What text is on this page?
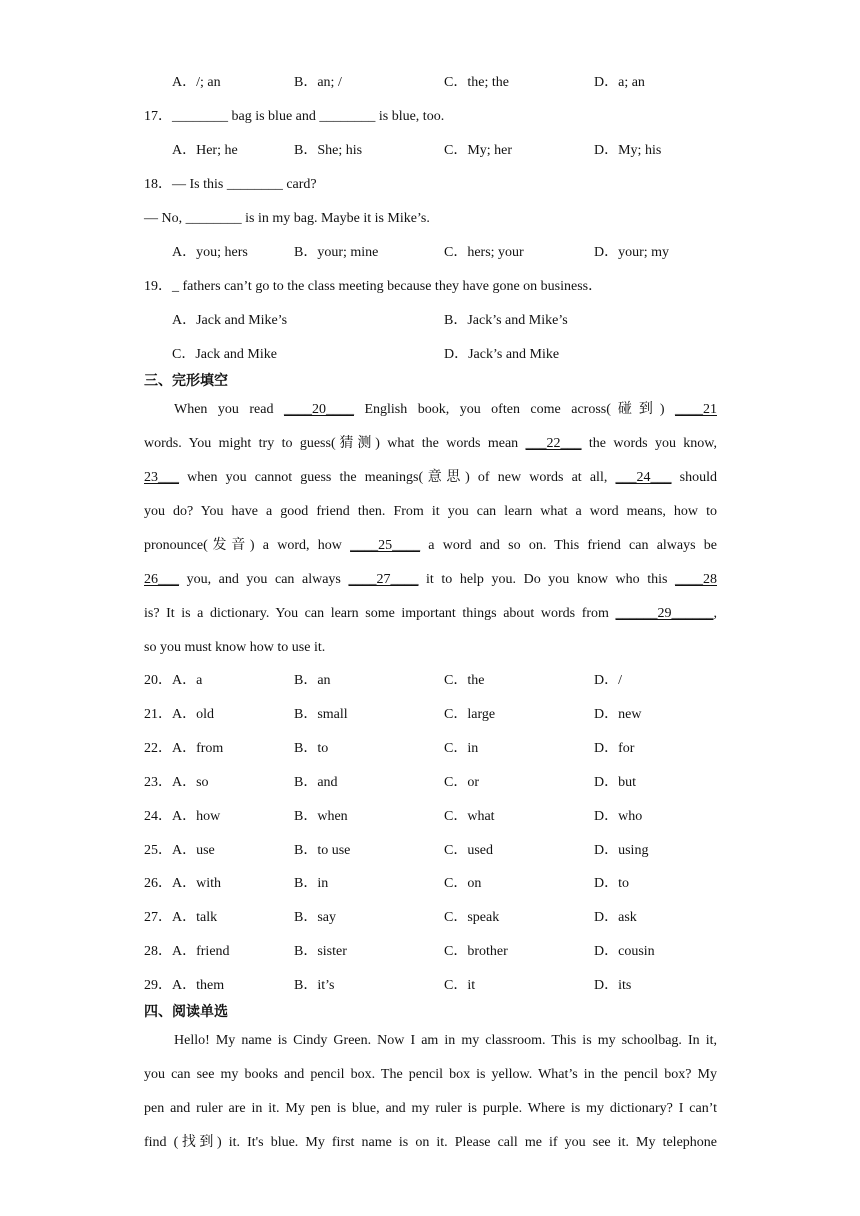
A．/; an	B．an; /	C．the; the	D．a; an
17．________ bag is blue and ________ is blue, too.
A．Her; he	B．She; his	C．My; her	D．My; his
18．— Is this ________ card?
— No, ________ is in my bag. Maybe it is Mike’s.
A．you; hers	B．your; mine	C．hers; your	D．your; my
19．_ fathers can’t go to the class meeting because they have gone on business．
A．Jack and Mike’s	B．Jack’s and Mike’s
C．Jack and Mike	D．Jack’s and Mike
三、完形填空
When you read ____20____ English book, you often come across(碰到) ____21
words. You might try to guess(猜测) what the words mean ___22___ the words you know,
23___ when you cannot guess the meanings(意思) of new words at all, ___24___ should
you do? You have a good friend then. From it you can learn what a word means, how to
pronounce(发音) a word, how ____25____ a word and so on. This friend can always be
26___ you, and you can always ____27____ it to help you. Do you know who this ____28
is? It is a dictionary. You can learn some important things about words from ______29______,
so you must know how to use it.
20． A．a	B．an	C．the	D．/
21． A．old	B．small	C．large	D．new
22． A．from	B．to	C．in	D．for
23． A．so	B．and	C．or	D．but
24． A．how	B．when	C．what	D．who
25． A．use	B．to use	C．used	D．using
26． A．with	B．in	C．on	D．to
27． A．talk	B．say	C．speak	D．ask
28． A．friend	B．sister	C．brother	D．cousin
29． A．them	B．it’s	C．it	D．its
四、阅读单选
Hello! My name is Cindy Green. Now I am in my classroom. This is my schoolbag. In it,
you can see my books and pencil box. The pencil box is yellow. What’s in the pencil box? My
pen and ruler are in it. My pen is blue, and my ruler is purple. Where is my dictionary? I can’t
find (找到) it. It's blue. My first name is on it. Please call me if you see it. My telephone
